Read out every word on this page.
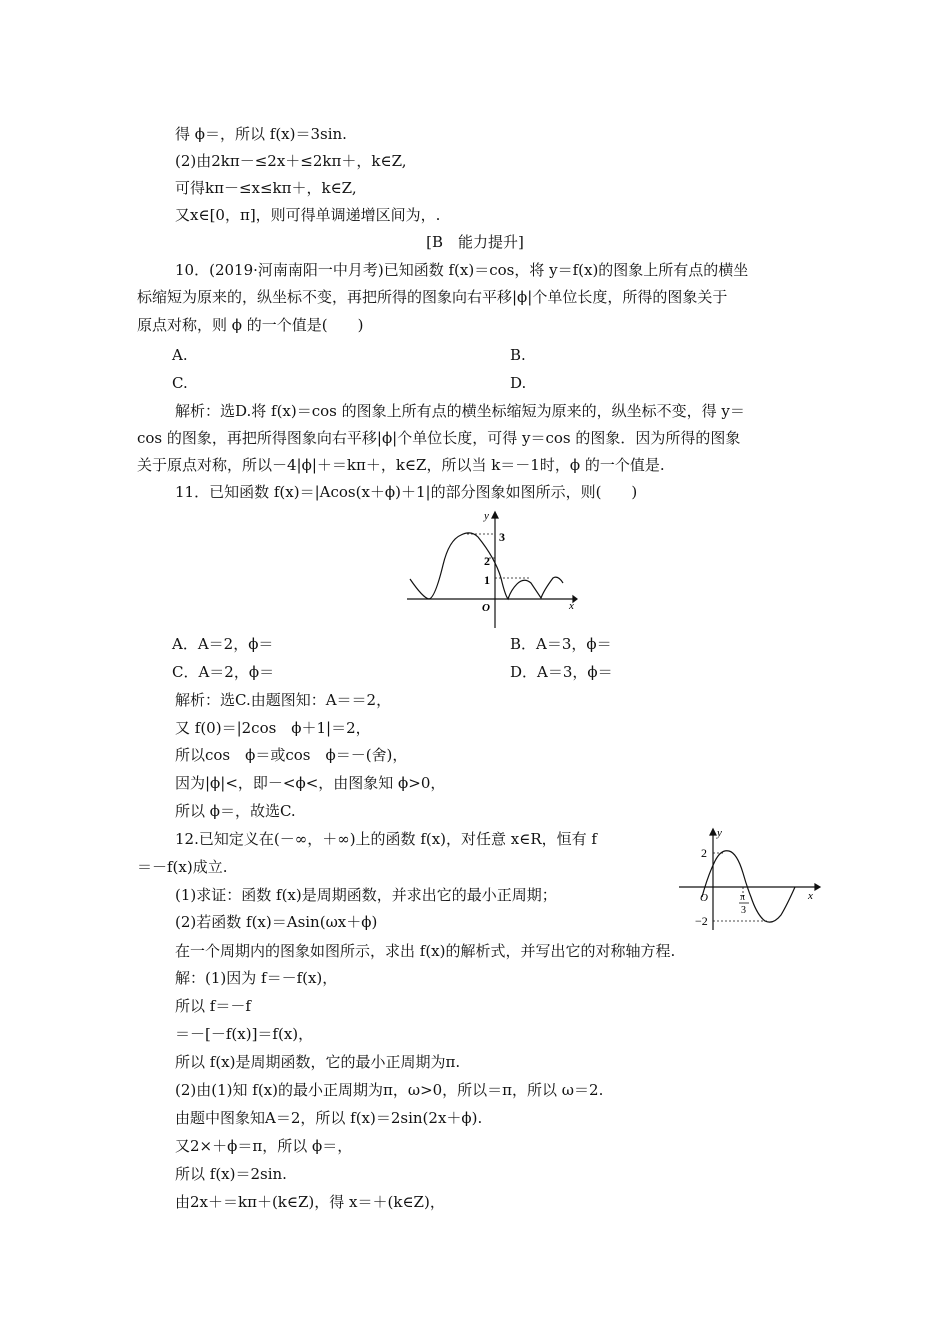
得 ϕ＝，所以 f(x)＝3sin.
(2)由2kπ－≤2x＋≤2kπ＋，k∈Z,
可得kπ－≤x≤kπ＋，k∈Z,
又x∈[0，π]，则可得单调递增区间为，.
[B　能力提升]
10．(2019·河南南阳一中月考)已知函数 f(x)＝cos，将 y＝f(x)的图象上所有点的横坐
标缩短为原来的，纵坐标不变，再把所得的图象向右平移|ϕ|个单位长度，所得的图象关于
原点对称，则 ϕ 的一个值是(　　)
A.	B.
C.	D.
解析：选D.将 f(x)＝cos 的图象上所有点的横坐标缩短为原来的，纵坐标不变，得 y＝
cos 的图象，再把所得图象向右平移|ϕ|个单位长度，可得 y＝cos 的图象．因为所得的图象
关于原点对称，所以－4|ϕ|＋＝kπ＋，k∈Z，所以当 k＝－1时，ϕ 的一个值是.
11．已知函数 f(x)＝|Acos(x＋ϕ)＋1|的部分图象如图所示，则(　　)
y
x
O
3
2
1
A．A＝2，ϕ＝	B．A＝3，ϕ＝
C．A＝2，ϕ＝	D．A＝3，ϕ＝
解析：选C.由题图知：A＝＝2，
又 f(0)＝|2cos　ϕ＋1|＝2，
所以cos　ϕ＝或cos　ϕ＝－(舍)，
因为|ϕ|<，即－<ϕ<，由图象知 ϕ>0，
所以 ϕ＝，故选C.
12.已知定义在(－∞，＋∞)上的函数 f(x)，对任意 x∈R，恒有 f
＝－f(x)成立.
(1)求证：函数 f(x)是周期函数，并求出它的最小正周期；
(2)若函数 f(x)＝Asin(ωx＋ϕ)
y
x
O
2
−2
π
3
在一个周期内的图象如图所示，求出 f(x)的解析式，并写出它的对称轴方程.
解：(1)因为 f＝－f(x)，
所以 f＝－f
＝－[－f(x)]＝f(x)，
所以 f(x)是周期函数，它的最小正周期为π.
(2)由(1)知 f(x)的最小正周期为π，ω>0，所以＝π，所以 ω＝2.
由题中图象知A＝2，所以 f(x)＝2sin(2x＋ϕ).
又2×＋ϕ＝π，所以 ϕ＝，
所以 f(x)＝2sin.
由2x＋＝kπ＋(k∈Z)，得 x＝＋(k∈Z)，
